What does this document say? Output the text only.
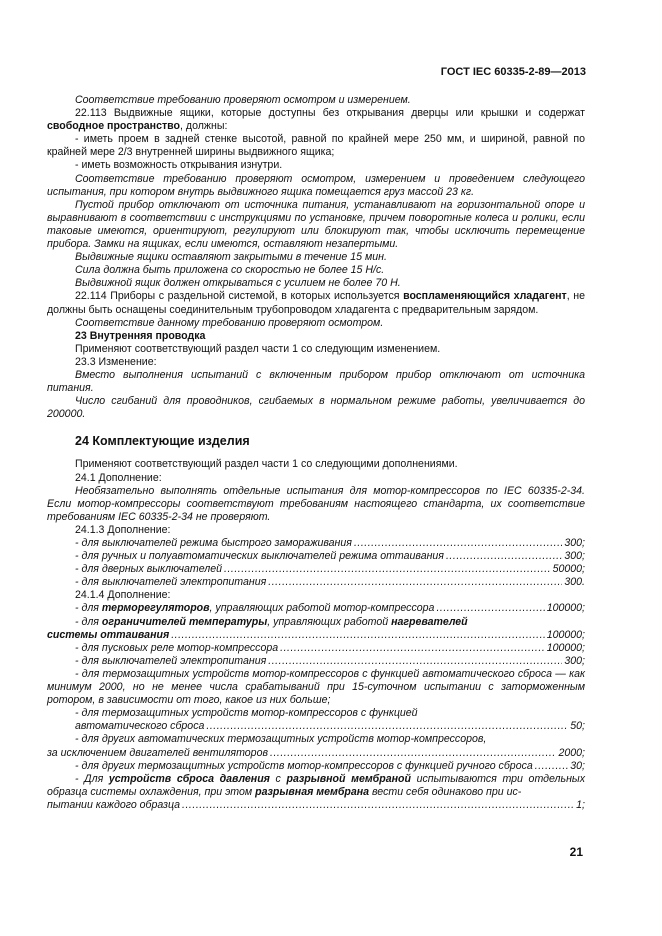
ГОСТ IEC 60335-2-89—2013

Соответствие требованию проверяют осмотром и измерением.

22.113 Выдвижные ящики, которые доступны без открывания дверцы или крышки и содержат свободное пространство, должны:

- иметь проем в задней стенке высотой, равной по крайней мере 250 мм, и шириной, равной по крайней мере 2/3 внутренней ширины выдвижного ящика;

- иметь возможность открывания изнутри.

Соответствие требованию проверяют осмотром, измерением и проведением следующего испытания, при котором внутрь выдвижного ящика помещается груз массой 23 кг.

Пустой прибор отключают от источника питания, устанавливают на горизонтальной опоре и выравнивают в соответствии с инструкциями по установке, причем поворотные колеса и ролики, если таковые имеются, ориентируют, регулируют или блокируют так, чтобы исключить перемещение прибора. Замки на ящиках, если имеются, оставляют незапертыми.

Выдвижные ящики оставляют закрытыми в течение 15 мин.

Сила должна быть приложена со скоростью не более 15 Н/с.

Выдвижной ящик должен открываться с усилием не более 70 Н.

22.114 Приборы с раздельной системой, в которых используется воспламеняющийся хладагент, не должны быть оснащены соединительным трубопроводом хладагента с предварительным зарядом.

Соответствие данному требованию проверяют осмотром.

23 Внутренняя проводка

Применяют соответствующий раздел части 1 со следующим изменением.

23.3 Изменение:

Вместо выполнения испытаний с включенным прибором прибор отключают от источника питания.

Число сгибаний для проводников, сгибаемых в нормальном режиме работы, увеличивается до 200000.

24 Комплектующие изделия

Применяют соответствующий раздел части 1 со следующими дополнениями.

24.1 Дополнение:

Необязательно выполнять отдельные испытания для мотор-компрессоров по IEC 60335-2-34. Если мотор-компрессоры соответствуют требованиям настоящего стандарта, их соответствие требованиям IEC 60335-2-34 не проверяют.

24.1.3 Дополнение:

- для выключателей режима быстрого замораживания .....	300;
- для ручных и полуавтоматических выключателей режима оттаивания .....	300;
- для дверных выключателей .....	50000;
- для выключателей электропитания .....	300.

24.1.4 Дополнение:

- для терморегуляторов, управляющих работой мотор-компрессора .....	100000;

- для ограничителей температуры, управляющих работой нагревателей

системы оттаивания .....	100000;
- для пусковых реле мотор-компрессора .....	100000;
- для выключателей электропитания .....	300;

- для термозащитных устройств мотор-компрессоров с функцией автоматического сброса — как минимум 2000, но не менее числа срабатываний при 15-суточном испытании с заторможенным ротором, в зависимости от того, какое из них больше;

- для термозащитных устройств мотор-компрессоров с функцией

автоматического сброса .....	50;

- для других автоматических термозащитных устройств мотор-компрессоров,

за исключением двигателей вентиляторов .....	2000;
- для других термозащитных устройств мотор-компрессоров с функцией ручного сброса .....	30;

- Для устройств сброса давления с разрывной мембраной испытываются три отдельных образца системы охлаждения, при этом разрывная мембрана вести себя одинаково при ис-

пытании каждого образца .....	1;
21
